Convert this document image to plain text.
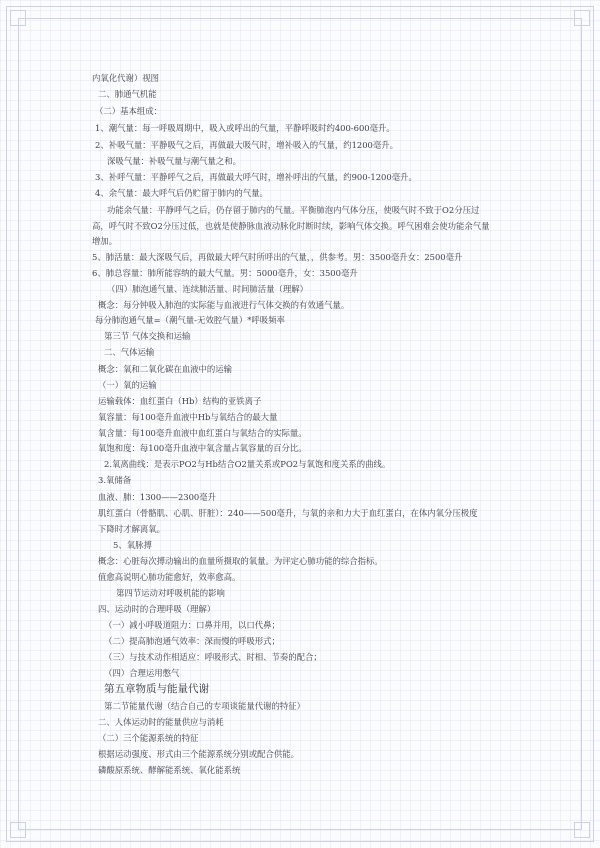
内氧化代谢）视图
二、肺通气机能
（二）基本组成：
1、潮气量：每一呼吸周期中，吸入或呼出的气量，平静呼吸时约400-600毫升。
2、补吸气量：平静吸气之后，再做最大吸气时，增补吸入的气量，约1200毫升。
深吸气量：补吸气量与潮气量之和。
3、补呼气量：平静呼气之后，再做最大呼气时，增补呼出的气量，约900-1200毫升。
4、余气量：最大呼气后仍贮留于肺内的气量。
功能余气量：平静呼气之后，仍存留于肺内的气量。平衡肺泡内气体分压，使吸气时不致于O2分压过
高，呼气时不致O2分压过低，也就是使静脉血液动脉化时断时续，影响气体交换。呼气困难会使功能余气量
增加。
5、肺活量：最大深吸气后，再做最大呼气时所呼出的气量，，供参考。男：3500毫升女：2500毫升
6、肺总容量：肺所能容纳的最大气量。男：5000毫升，女：3500毫升
（四）肺泡通气量、连续肺活量、时间肺活量（理解）
概念：每分钟吸入肺泡的实际能与血液进行气体交换的有效通气量。
每分肺泡通气量=（潮气量-无效腔气量）*呼吸频率
第三节 气体交换和运输
二、气体运输
概念：氧和二氧化碳在血液中的运输
（一）氧的运输
运输载体：血红蛋白（Hb）结构的亚铁离子
氧容量：每100毫升血液中Hb与氧结合的最大量
氧含量：每100毫升血液中血红蛋白与氧结合的实际量。
氧饱和度：每100毫升血液中氧含量占氧容量的百分比。
2.氧离曲线：是表示PO2与Hb结合O2量关系或PO2与氧饱和度关系的曲线。
3.氧储备
血液、肺：1300——2300毫升
肌红蛋白（骨骼肌、心肌、肝脏）：240——500毫升，与氧的亲和力大于血红蛋白，在体内氧分压极度
下降时才解离氧。
5、氧脉搏
概念：心脏每次搏动输出的血量所摄取的氧量。为评定心肺功能的综合指标。
值愈高说明心肺功能愈好，效率愈高。
第四节运动对呼吸机能的影响
四、运动时的合理呼吸（理解）
（一）减小呼吸道阻力：口鼻并用，以口代鼻；
（二）提高肺泡通气效率：深而慢的呼吸形式；
（三）与技术动作相适应：呼吸形式、时相、节奏的配合；
（四）合理运用憋气
第五章物质与能量代谢
第二节能量代谢（结合自己的专项谈能量代谢的特征）
二、人体运动时的能量供应与消耗
（二）三个能源系统的特征
根据运动强度、形式由三个能源系统分别或配合供能。
磷酸原系统、酵解能系统、氧化能系统
